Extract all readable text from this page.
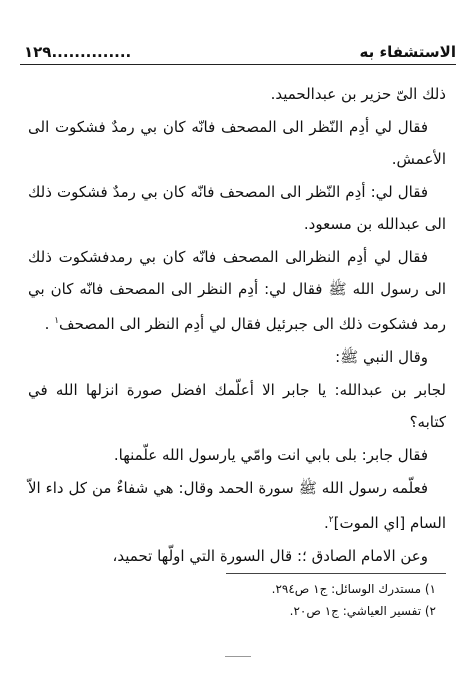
الاستشفاء به
١٢٩..............

ذلك الىّ حزير بن عبدالحميد.

فقال لي أدِم النّظر الى المصحف فانّه كان بي رمدٌ فشكوت الى الأعمش.

فقال لي: أدِم النّظر الى المصحف فانّه كان بي رمدٌ فشكوت ذلك الى عبدالله بن مسعود.

فقال لي أدِم النظرالى المصحف فانّه كان بي رمدفشكوت ذلك الى رسول الله ﷺ فقال لي: أدِم النظر الى المصحف فانّه كان بي رمد فشكوت ذلك الى جبرئيل فقال لي أدِم النظر الى المصحف$^١$ .

وقال النبي ﷺ:

لجابر بن عبدالله: يا جابر الا أعلّمك افضل صورة انزلها الله في كتابه؟

فقال جابر: بلى بابي انت وامّي يارسول الله علّمنها.

فعلّمه رسول الله ﷺ سورة الحمد وقال: هي شفاءٌ من كل داء الاّ السام [اي الموت]$^٢$.

وعن الامام الصادق ؛: قال السورة التي اولّها تحميد،

١) مستدرك الوسائل: ج١ ص٢٩٤.
٢) تفسير العياشي: ج١ ص٢٠.
